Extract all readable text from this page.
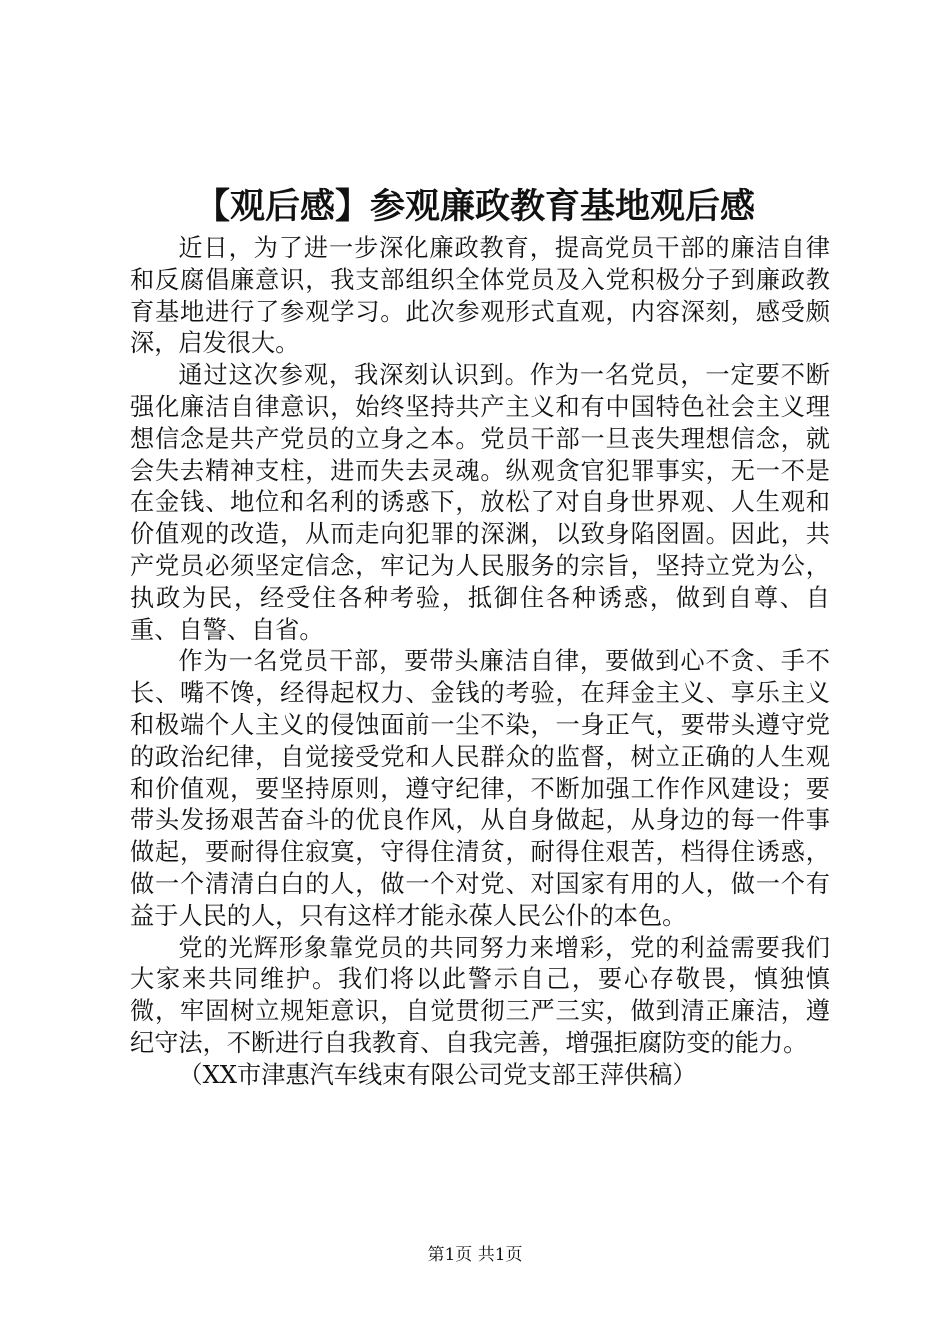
【观后感】参观廉政教育基地观后感

近日，为了进一步深化廉政教育，提高党员干部的廉洁自律和反腐倡廉意识，我支部组织全体党员及入党积极分子到廉政教育基地进行了参观学习。此次参观形式直观，内容深刻，感受颇深，启发很大。

通过这次参观，我深刻认识到。作为一名党员，一定要不断强化廉洁自律意识，始终坚持共产主义和有中国特色社会主义理想信念是共产党员的立身之本。党员干部一旦丧失理想信念，就会失去精神支柱，进而失去灵魂。纵观贪官犯罪事实，无一不是在金钱、地位和名利的诱惑下，放松了对自身世界观、人生观和价值观的改造，从而走向犯罪的深渊，以致身陷囹圄。因此，共产党员必须坚定信念，牢记为人民服务的宗旨，坚持立党为公，执政为民，经受住各种考验，抵御住各种诱惑，做到自尊、自重、自警、自省。

作为一名党员干部，要带头廉洁自律，要做到心不贪、手不长、嘴不馋，经得起权力、金钱的考验，在拜金主义、享乐主义和极端个人主义的侵蚀面前一尘不染，一身正气，要带头遵守党的政治纪律，自觉接受党和人民群众的监督，树立正确的人生观和价值观，要坚持原则，遵守纪律，不断加强工作作风建设；要带头发扬艰苦奋斗的优良作风，从自身做起，从身边的每一件事做起，要耐得住寂寞，守得住清贫，耐得住艰苦，档得住诱惑，做一个清清白白的人，做一个对党、对国家有用的人，做一个有益于人民的人，只有这样才能永葆人民公仆的本色。

党的光辉形象靠党员的共同努力来增彩，党的利益需要我们大家来共同维护。我们将以此警示自己，要心存敬畏，慎独慎微，牢固树立规矩意识，自觉贯彻三严三实，做到清正廉洁，遵纪守法，不断进行自我教育、自我完善，增强拒腐防变的能力。

（XX市津惠汽车线束有限公司党支部王萍供稿）
第1页 共1页
